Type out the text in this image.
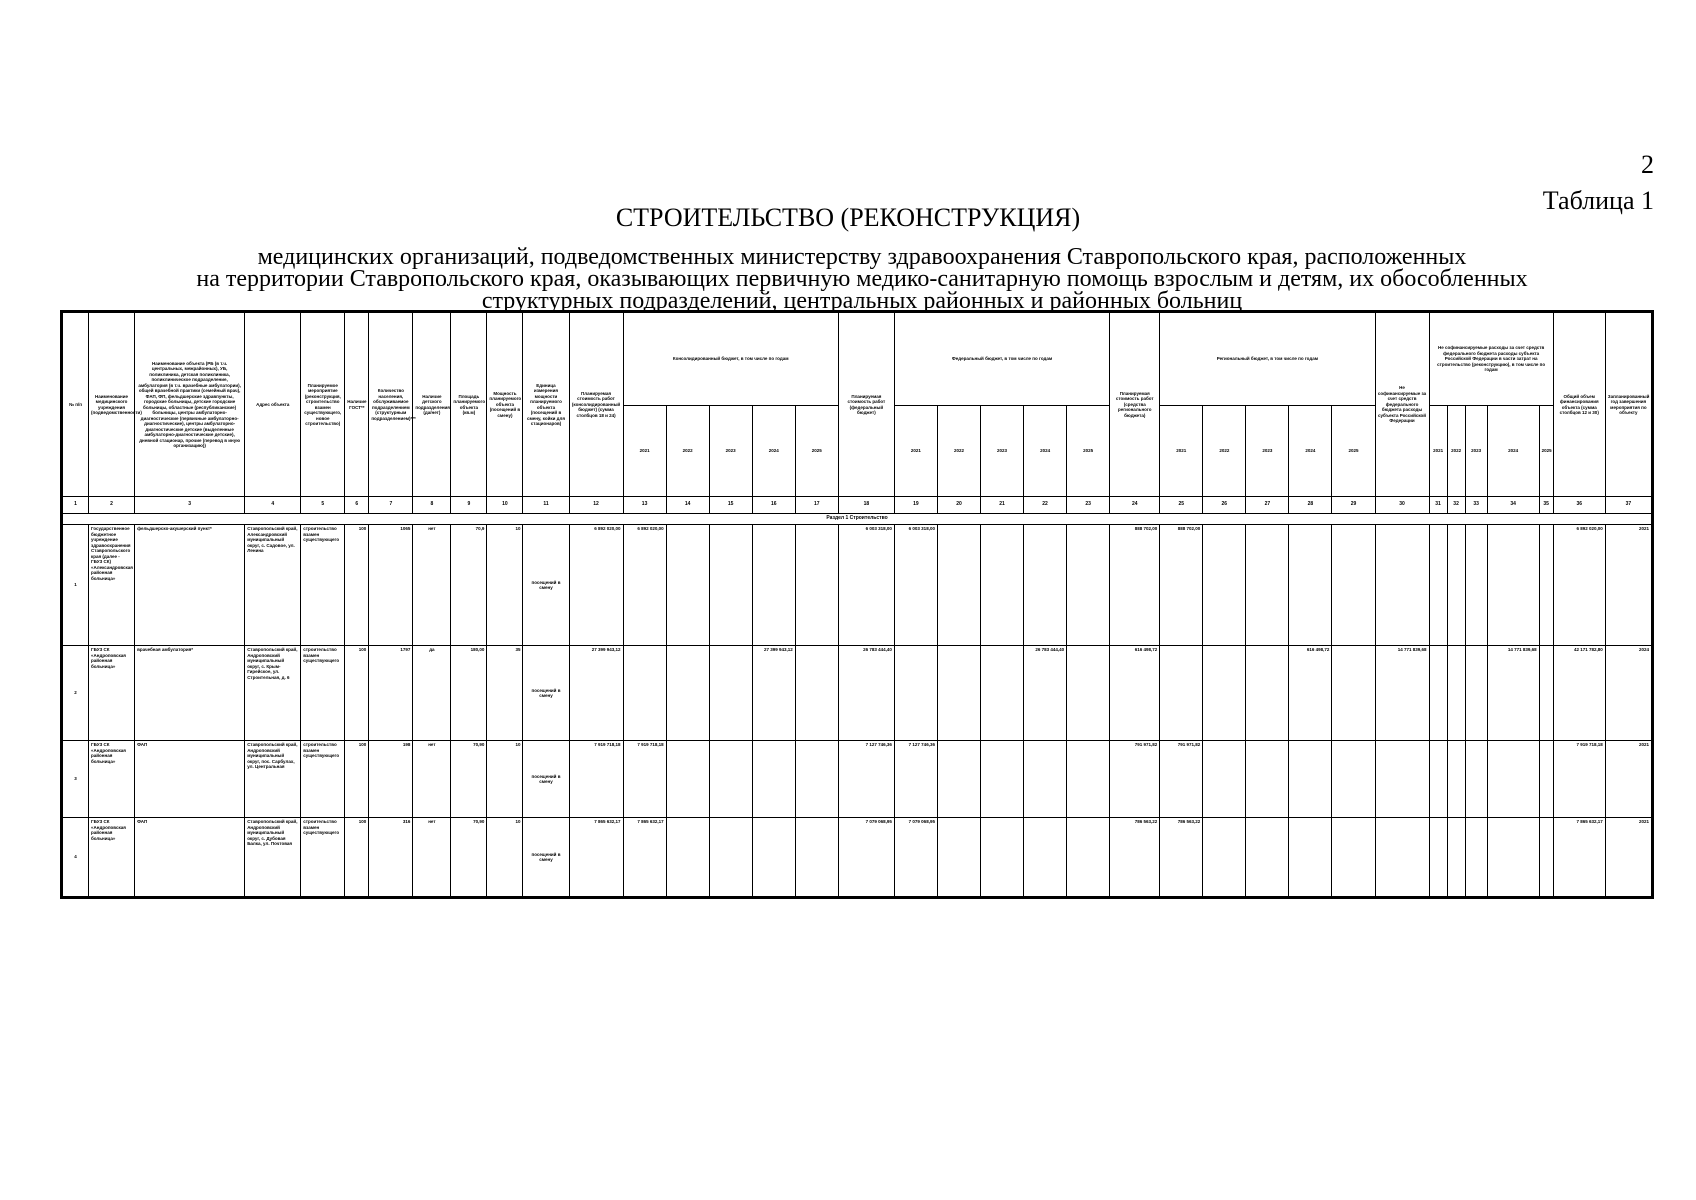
2
Таблица 1
СТРОИТЕЛЬСТВО (РЕКОНСТРУКЦИЯ)
медицинских организаций, подведомственных министерству здравоохранения Ставропольского края, расположенных
на территории Ставропольского края, оказывающих первичную медико-санитарную помощь взрослым и детям, их обособленных
структурных подразделений, центральных районных и районных больниц
№ п/п	Наименование медицинского учреждения (подведомственности)	Наименование объекта (РБ (в т.ч. центральных, межрайонных), УБ, поликлиника, детская поликлиника, поликлиническое подразделение, амбулатория (в т.ч. врачебные амбулатории), общей врачебной практики (семейный врач), ФАП, ФП, фельдшерские здравпункты, городские больницы, детские городские больницы, областные (республиканские) больницы, центры амбулаторно-диагностические (первичные амбулаторно-диагностические), центры амбулаторно-диагностические детские (выделенные амбулаторно-диагностические детские), дневной стационар, прочие (перевод в иную организацию))	Адрес объекта	Планируемое мероприятие (реконструкция, строительство взамен существующего, новое строительство)	Наличие ГОСТ**	Количество населения, обслуживаемое подразделением (структурным подразделением)***	Наличие детского подразделения (да/нет)	Площадь планируемого объекта (кв.м)	Мощность планируемого объекта (посещений в смену)	Единица измерения мощности планируемого объекта (посещений в смену, койки для стационаров)	Планируемая стоимость работ (консолидированный бюджет) (сумма столбцов 18 и 24)	Консолидированный бюджет, в том числе по годам					Планируемая стоимость работ (федеральный бюджет)	Федеральный бюджет, в том числе по годам					Планируемая стоимость работ (средства регионального бюджета)	Региональный бюджет, в том числе по годам					Не софинансируемые за счет средств федерального бюджета расходы субъекта Российской Федерации	Не софинансируемые расходы за счет средств федерального бюджета расходы субъекта Российской Федерации в части затрат на строительство (реконструкцию), в том числе по годам					Общий объем финансирования объекта (сумма столбцов 12 и 30)	Запланированный год завершения мероприятия по объекту
												2021	2022	2023	2024	2025		2021	2022	2023	2024	2025		2021	2022	2023	2024	2025		2021	2022	2023	2024	2025		
1	2	3	4	5	6	7	8	9	10	11	12	13	14	15	16	17	18	19	20	21	22	23	24	25	26	27	28	29	30	31	32	33	34	35	36	37
Раздел 1 Строительство																																				
1	Государственное бюджетное учреждение здравоохранения Ставропольского края (далее - ГБУЗ СК) «Александровская районная больница»	фельдшерско-акушерский пункт*	Ставропольский край, Александровский муниципальный округ, с. Садовое, ул. Ленина	строительство взамен существующего	100	1065	нет	70,9	10	посещений в смену	6 892 020,00	6 892 020,00					6 003 318,00	6 003 318,00					888 702,00	888 702,00											6 892 020,00	2021
2	ГБУЗ СК «Андроповская районная больница»	врачебная амбулатория*	Ставропольский край, Андроповский муниципальный округ, с. Крым-Гирейское, ул. Строительная, д. 6	строительство взамен существующего	100	1797	да	180,00	35	посещений в смену	27 399 943,12				27 399 943,12		26 783 444,40				26 783 444,40		616 498,72				616 498,72		14 771 839,68				14 771 839,68		42 171 782,80	2024
3	ГБУЗ СК «Андроповская районная больница»	ФАП	Ставропольский край, Андроповский муниципальный округ, пос. Сарбулах, ул. Центральная	строительство взамен существующего	100	198	нет	70,90	10	посещений в смену	7 919 718,18	7 919 718,18					7 127 746,36	7 127 746,36					791 971,82	791 971,82											7 919 718,18	2021
4	ГБУЗ СК «Андроповская районная больница»	ФАП	Ставропольский край, Андроповский муниципальный округ, с. Дубовая Балка, ул. Почтовая	строительство взамен существующего	100	316	нет	70,90	10	посещений в смену	7 865 632,17	7 865 632,17					7 079 068,95	7 079 068,95					786 563,22	786 563,22											7 865 632,17	2021
